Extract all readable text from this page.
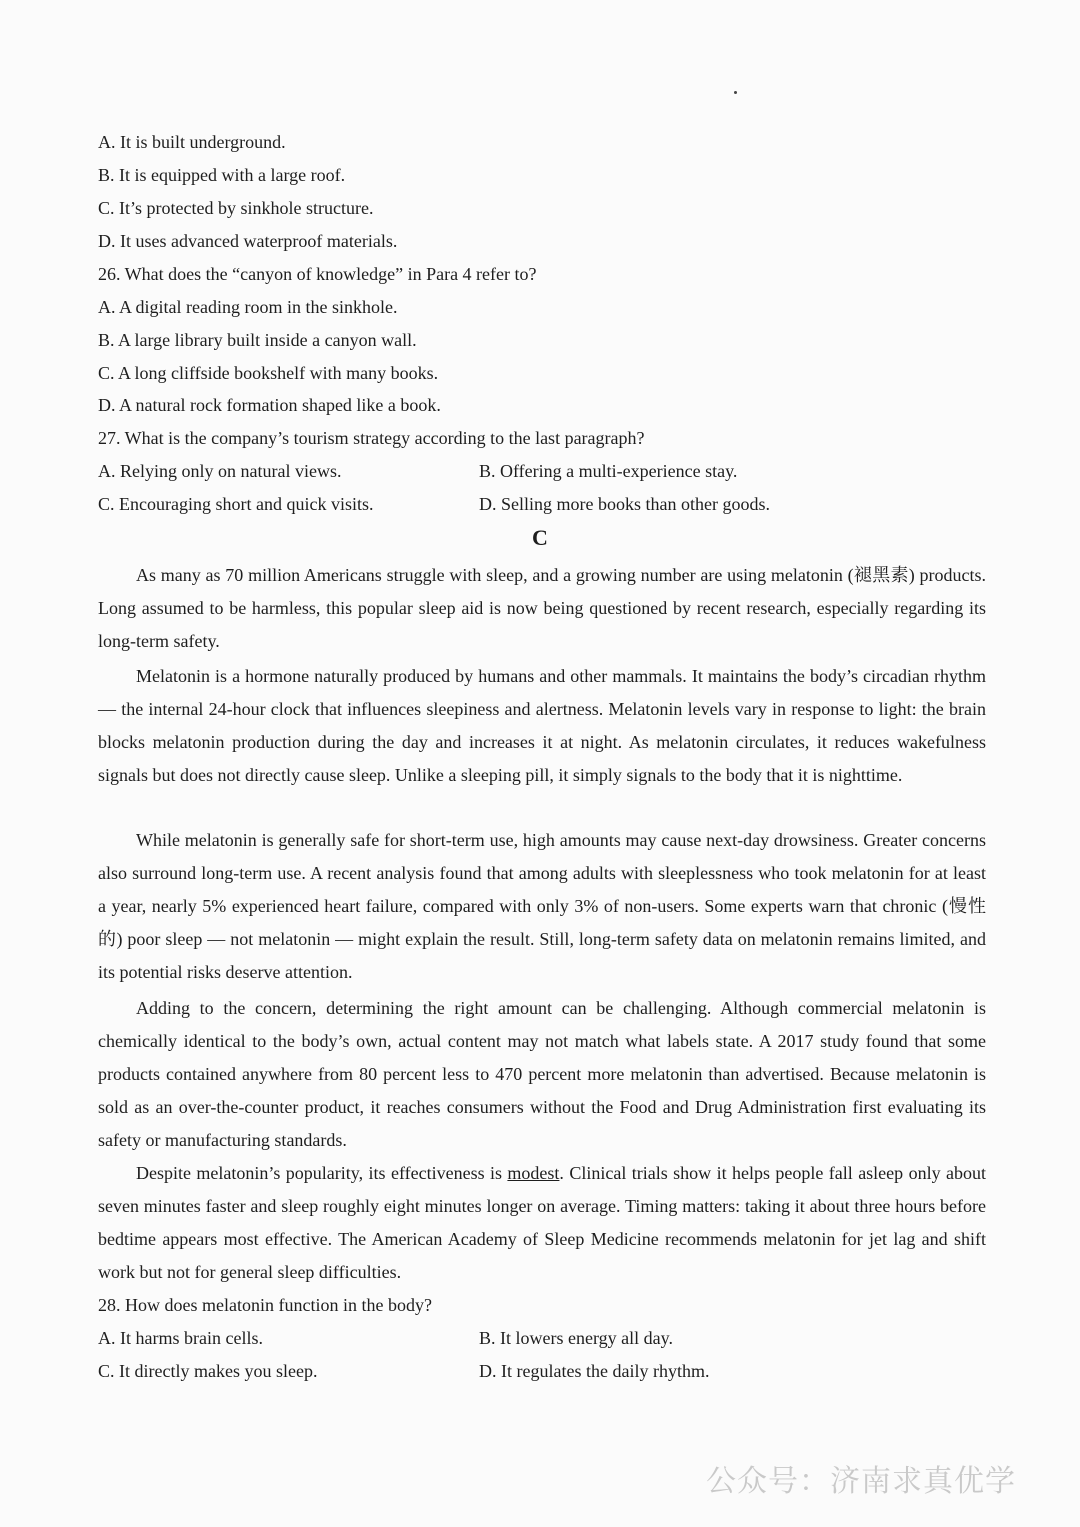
A. It is built underground.
B. It is equipped with a large roof.
C. It’s protected by sinkhole structure.
D. It uses advanced waterproof materials.
26. What does the “canyon of knowledge” in Para 4 refer to?
A. A digital reading room in the sinkhole.
B. A large library built inside a canyon wall.
C. A long cliffside bookshelf with many books.
D. A natural rock formation shaped like a book.
27. What is the company’s tourism strategy according to the last paragraph?
A. Relying only on natural views.	B. Offering a multi-experience stay.
C. Encouraging short and quick visits.	D. Selling more books than other goods.
C
As many as 70 million Americans struggle with sleep, and a growing number are using melatonin (褪黑素) products. Long assumed to be harmless, this popular sleep aid is now being questioned by recent research, especially regarding its long-term safety.
Melatonin is a hormone naturally produced by humans and other mammals. It maintains the body’s circadian rhythm — the internal 24-hour clock that influences sleepiness and alertness. Melatonin levels vary in response to light: the brain blocks melatonin production during the day and increases it at night. As melatonin circulates, it reduces wakefulness signals but does not directly cause sleep. Unlike a sleeping pill, it simply signals to the body that it is nighttime.
While melatonin is generally safe for short-term use, high amounts may cause next-day drowsiness. Greater concerns also surround long-term use. A recent analysis found that among adults with sleeplessness who took melatonin for at least a year, nearly 5% experienced heart failure, compared with only 3% of non-users. Some experts warn that chronic (慢性的) poor sleep — not melatonin — might explain the result. Still, long-term safety data on melatonin remains limited, and its potential risks deserve attention.
Adding to the concern, determining the right amount can be challenging. Although commercial melatonin is chemically identical to the body’s own, actual content may not match what labels state. A 2017 study found that some products contained anywhere from 80 percent less to 470 percent more melatonin than advertised. Because melatonin is sold as an over-the-counter product, it reaches consumers without the Food and Drug Administration first evaluating its safety or manufacturing standards.
Despite melatonin’s popularity, its effectiveness is modest. Clinical trials show it helps people fall asleep only about seven minutes faster and sleep roughly eight minutes longer on average. Timing matters: taking it about three hours before bedtime appears most effective. The American Academy of Sleep Medicine recommends melatonin for jet lag and shift work but not for general sleep difficulties.
28. How does melatonin function in the body?
A. It harms brain cells.	B. It lowers energy all day.
C. It directly makes you sleep.	D. It regulates the daily rhythm.
公众号：济南求真优学
